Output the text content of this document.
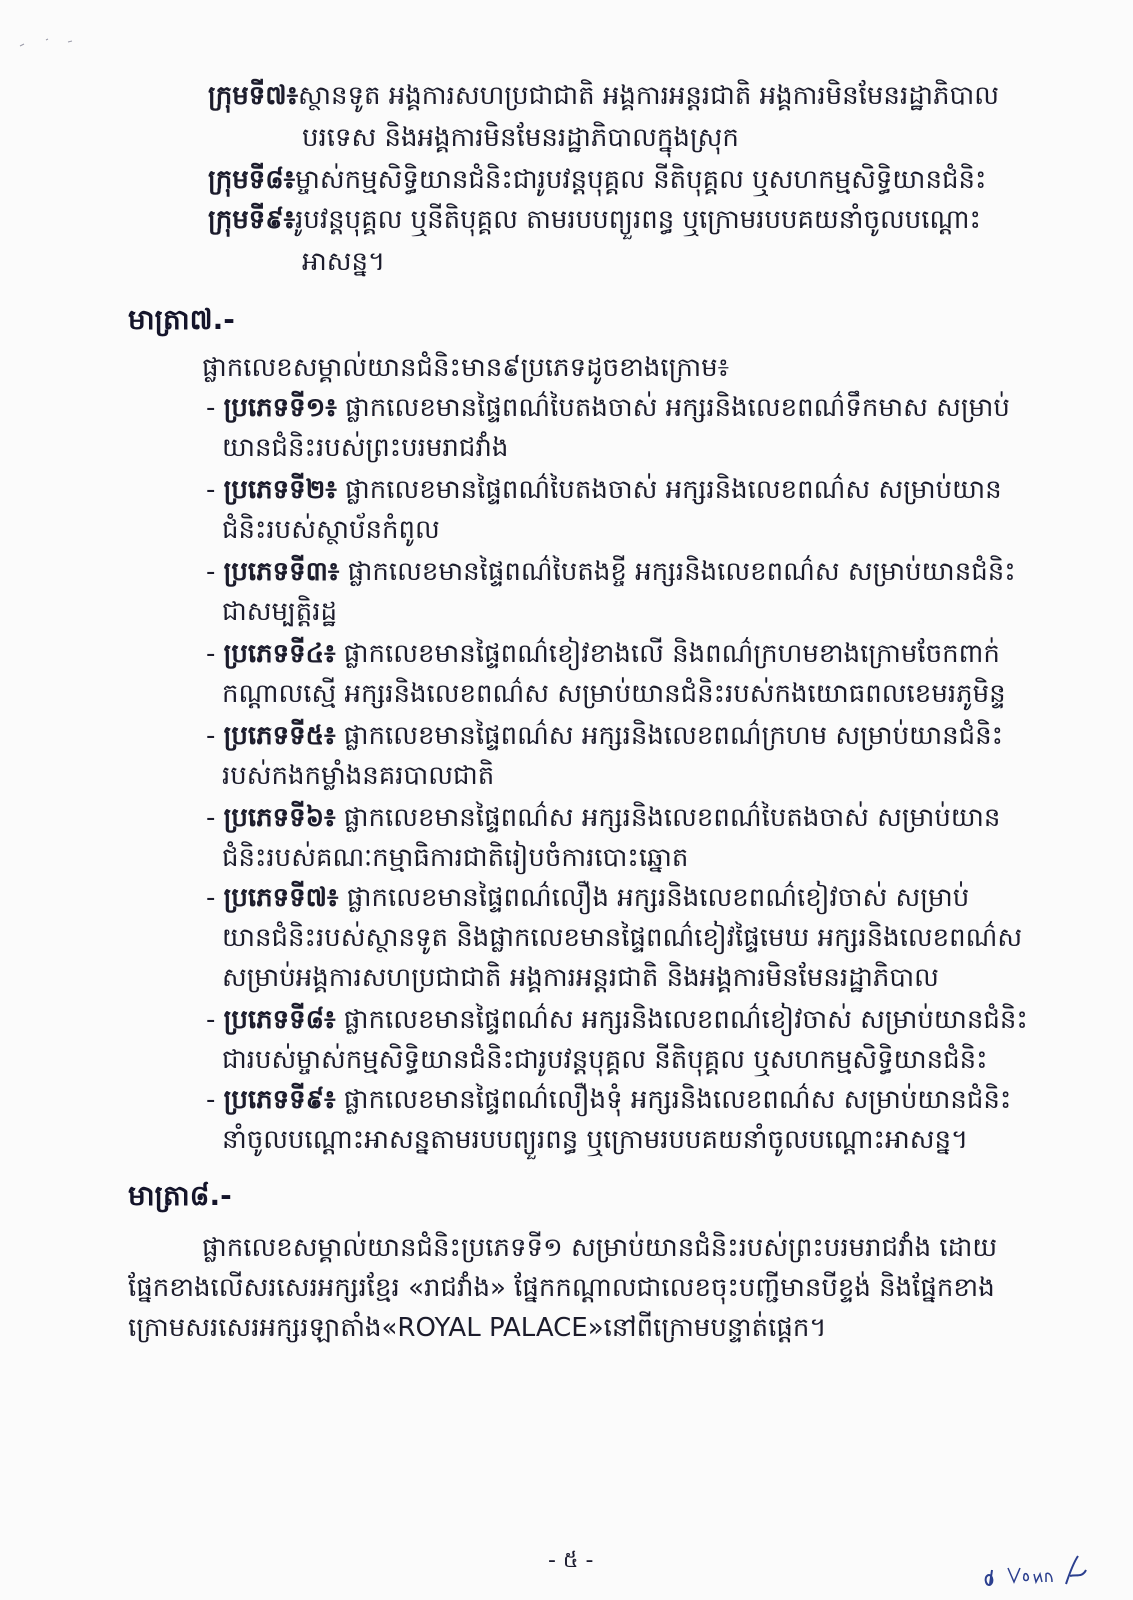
ក្រុមទី៧៖ស្ថានទូត អង្គការសហប្រជាជាតិ អង្គការអន្តរជាតិ អង្គការមិនមែនរដ្ឋាភិបាល
បរទេស និងអង្គការមិនមែនរដ្ឋាភិបាលក្នុងស្រុក
ក្រុមទី៨៖ម្ចាស់កម្មសិទ្ធិយានជំនិះជារូបវន្តបុគ្គល នីតិបុគ្គល ឬសហកម្មសិទ្ធិយានជំនិះ
ក្រុមទី៩៖រូបវន្តបុគ្គល ឬនីតិបុគ្គល តាមរបបព្យួរពន្ធ ឬក្រោមរបបគយនាំចូលបណ្តោះ
អាសន្ន។
មាត្រា៧.-
ផ្លាកលេខសម្គាល់យានជំនិះមាន៩ប្រភេទដូចខាងក្រោម៖
- ប្រភេទទី១៖ ផ្លាកលេខមានផ្ទៃពណ៌បៃតងចាស់ អក្សរនិងលេខពណ៌ទឹកមាស សម្រាប់
យានជំនិះរបស់ព្រះបរមរាជវាំង
- ប្រភេទទី២៖ ផ្លាកលេខមានផ្ទៃពណ៌បៃតងចាស់ អក្សរនិងលេខពណ៌ស សម្រាប់យាន
ជំនិះរបស់ស្ថាប័នកំពូល
- ប្រភេទទី៣៖ ផ្លាកលេខមានផ្ទៃពណ៌បៃតងខ្ចី អក្សរនិងលេខពណ៌ស សម្រាប់យានជំនិះ
ជាសម្បត្តិរដ្ឋ
- ប្រភេទទី៤៖ ផ្លាកលេខមានផ្ទៃពណ៌ខៀវខាងលើ និងពណ៌ក្រហមខាងក្រោមចែកពាក់
កណ្តាលស្មើ អក្សរនិងលេខពណ៌ស សម្រាប់យានជំនិះរបស់កងយោធពលខេមរភូមិន្ទ
- ប្រភេទទី៥៖ ផ្លាកលេខមានផ្ទៃពណ៌ស អក្សរនិងលេខពណ៌ក្រហម សម្រាប់យានជំនិះ
របស់កងកម្លាំងនគរបាលជាតិ
- ប្រភេទទី៦៖ ផ្លាកលេខមានផ្ទៃពណ៌ស អក្សរនិងលេខពណ៌បៃតងចាស់ សម្រាប់យាន
ជំនិះរបស់គណៈកម្មាធិការជាតិរៀបចំការបោះឆ្នោត
- ប្រភេទទី៧៖ ផ្លាកលេខមានផ្ទៃពណ៌លឿង អក្សរនិងលេខពណ៌ខៀវចាស់ សម្រាប់
យានជំនិះរបស់ស្ថានទូត និងផ្លាកលេខមានផ្ទៃពណ៌ខៀវផ្ទៃមេឃ អក្សរនិងលេខពណ៌ស
សម្រាប់អង្គការសហប្រជាជាតិ អង្គការអន្តរជាតិ និងអង្គការមិនមែនរដ្ឋាភិបាល
- ប្រភេទទី៨៖ ផ្លាកលេខមានផ្ទៃពណ៌ស អក្សរនិងលេខពណ៌ខៀវចាស់ សម្រាប់យានជំនិះ
ជារបស់ម្ចាស់កម្មសិទ្ធិយានជំនិះជារូបវន្តបុគ្គល នីតិបុគ្គល ឬសហកម្មសិទ្ធិយានជំនិះ
- ប្រភេទទី៩៖ ផ្លាកលេខមានផ្ទៃពណ៌លឿងទុំ អក្សរនិងលេខពណ៌ស សម្រាប់យានជំនិះ
នាំចូលបណ្តោះអាសន្នតាមរបបព្យួរពន្ធ ឬក្រោមរបបគយនាំចូលបណ្តោះអាសន្ន។
មាត្រា៨.-
ផ្លាកលេខសម្គាល់យានជំនិះប្រភេទទី១ សម្រាប់យានជំនិះរបស់ព្រះបរមរាជវាំង ដោយ
ផ្នែកខាងលើសរសេរអក្សរខ្មែរ «រាជវាំង» ផ្នែកកណ្តាលជាលេខចុះបញ្ជីមានបីខ្ទង់ និងផ្នែកខាង
ក្រោមសរសេរអក្សរឡាតាំង«ROYAL PALACE»នៅពីក្រោមបន្ទាត់ផ្តេក។
- ៥ -
